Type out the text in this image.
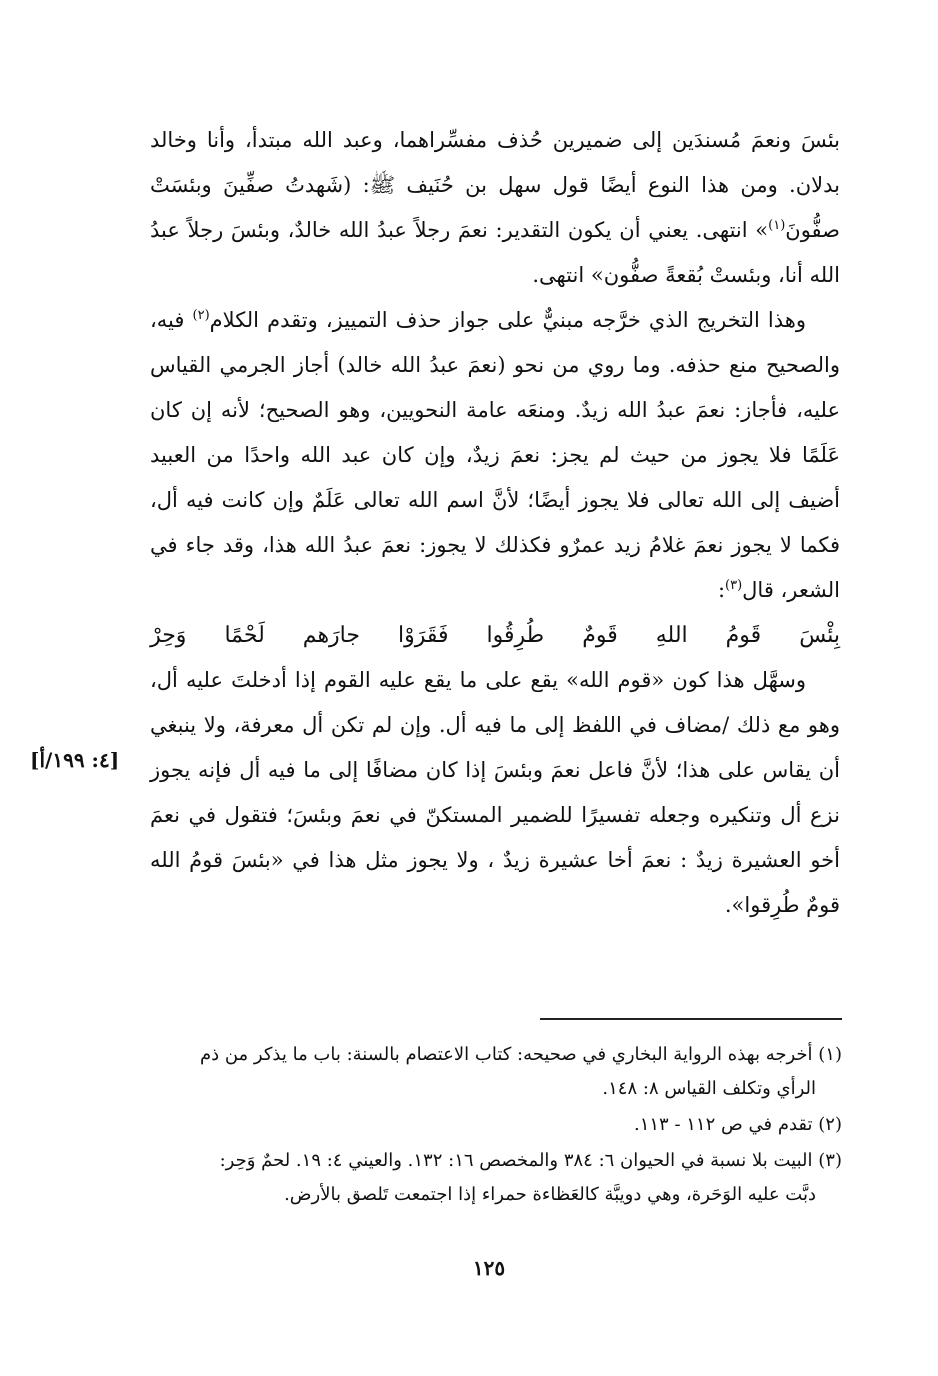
بئسَ ونعمَ مُسندَين إلى ضميرين حُذف مفسِّراهما، وعبد الله مبتدأ، وأنا وخالد بدلان. ومن هذا النوع أيضًا قول سهل بن حُنَيف ﷺ: (شَهدتُ صفِّينَ وبئسَتْ صفُّونَ$^{(١)}$» انتهى. يعني أن يكون التقدير: نعمَ رجلاً عبدُ الله خالدٌ، وبئسَ رجلاً عبدُ الله أنا، وبئستْ بُقعةً صفُّون» انتهى.

وهذا التخريج الذي خرَّجه مبنيٌّ على جواز حذف التمييز، وتقدم الكلام$^{(٢)}$ فيه، والصحيح منع حذفه. وما روي من نحو (نعمَ عبدُ الله خالد) أجاز الجرمي القياس عليه، فأجاز: نعمَ عبدُ الله زيدٌ. ومنعَه عامة النحويين، وهو الصحيح؛ لأنه إن كان عَلَمًا فلا يجوز من حيث لم يجز: نعمَ زيدٌ، وإن كان عبد الله واحدًا من العبيد أضيف إلى الله تعالى فلا يجوز أيضًا؛ لأنَّ اسم الله تعالى عَلَمٌ وإن كانت فيه أل، فكما لا يجوز نعمَ غلامُ زيد عمرٌو فكذلك لا يجوز: نعمَ عبدُ الله هذا، وقد جاء في الشعر، قال$^{(٣)}$:

بِئْسَ
قَومُ
اللهِ
قَومٌ
طُرِقُوا
فَقَرَوْا
جارَهم
لَحْمًا
وَحِرْ

وسهَّل هذا كون «قوم الله» يقع على ما يقع عليه القوم إذا أدخلتَ عليه أل، وهو مع ذلك /مضاف في اللفظ إلى ما فيه أل. وإن لم تكن أل معرفة، ولا ينبغي أن يقاس على هذا؛ لأنَّ فاعل نعمَ وبئسَ إذا كان مضافًا إلى ما فيه أل فإنه يجوز نزع أل وتنكيره وجعله تفسيرًا للضمير المستكنّ في نعمَ وبئسَ؛ فتقول في نعمَ أخو العشيرة زيدٌ : نعمَ أخا عشيرة زيدٌ ، ولا يجوز مثل هذا في «بئسَ قومُ الله قومٌ طُرِقوا».

[٤: ١٩٩/أ]

(١) أخرجه بهذه الرواية البخاري في صحيحه: كتاب الاعتصام بالسنة: باب ما يذكر من ذم
الرأي وتكلف القياس ٨: ١٤٨.

(٢) تقدم في ص ١١٢ - ١١٣.

(٣) البيت بلا نسبة في الحيوان ٦: ٣٨٤ والمخصص ١٦: ١٣٢. والعيني ٤: ١٩. لحمٌ وَحِر:
دبَّت عليه الوَحَرة، وهي دويبَّة كالعَظاءة حمراء إذا اجتمعت تَلصق بالأرض.

١٢٥
